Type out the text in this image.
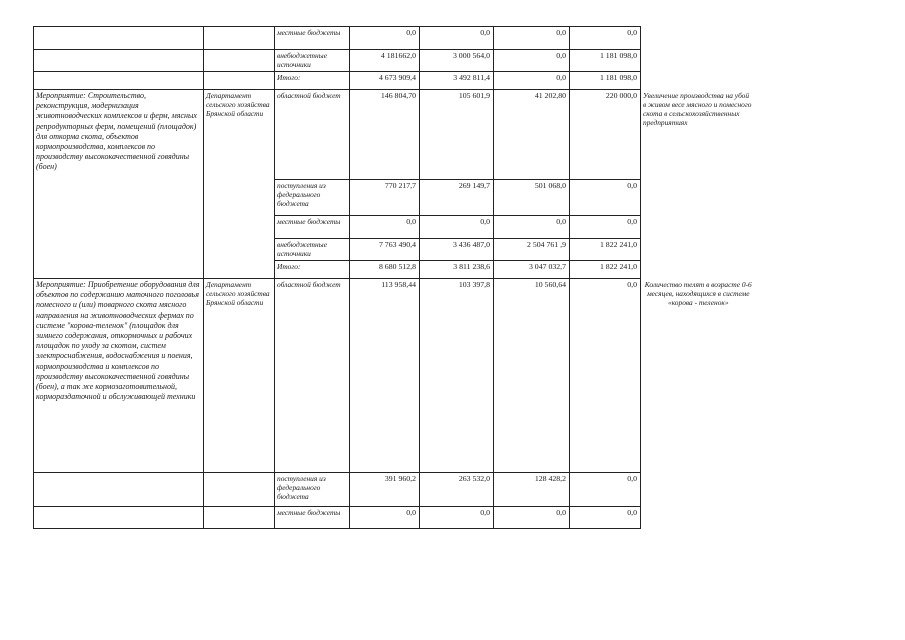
		местные бюджеты	0,0	0,0	0,0	0,0	
		внебюджетные источники	4 181662,0	3 000 564,0	0,0	1 181 098,0	
		Итого:	4 673 909,4	3 492 811,4	0,0	1 181 098,0	
Мероприятие: Строительство, реконструкция, модернизация животноводческих комплексов и ферм, мясных репродукторных ферм, помещений (площадок) для откорма скота, объектов кормопроизводства, комплексов по производству высококачественной говядины (боен)	Департамент сельского хозяйства Брянской области	областной бюджет	146 804,70	105 601,9	41 202,80	220 000,0	Увеличение производства на убой в живом весе мясного и помесного скота в сельскохозяйственных предприятиях
		поступления из федерального бюджета	770 217,7	269 149,7	501 068,0	0,0	
		местные бюджеты	0,0	0,0	0,0	0,0	
		внебюджетные источники	7 763 490,4	3 436 487,0	2 504 761 ,9	1 822 241,0	
		Итого:	8 680 512,8	3 811 238,6	3 047 032,7	1 822 241,0	
Мероприятие: Приобретение оборудования для объектов по содержанию маточного поголовья помесного и (или) товарного скота мясного направления на животноводческих фермах по системе "корова-теленок" (площадок для зимнего содержания, откормочных и рабочих площадок по уходу за скотом, систем электроснабжения, водоснабжения и поения, кормопроизводства и комплексов по производству высококачественной говядины (боен), а так же кормозаготовительной, кормораздаточной и обслуживающей техники	Департамент сельского хозяйства Брянской области	областной бюджет	113 958,44	103 397,8	10 560,64	0,0	Количество телят в возрасте 0-6 месяцев, находящихся в системе «корова - теленок»
		поступления из федерального бюджета	391 960,2	263 532,0	128 428,2	0,0	
		местные бюджеты	0,0	0,0	0,0	0,0	
